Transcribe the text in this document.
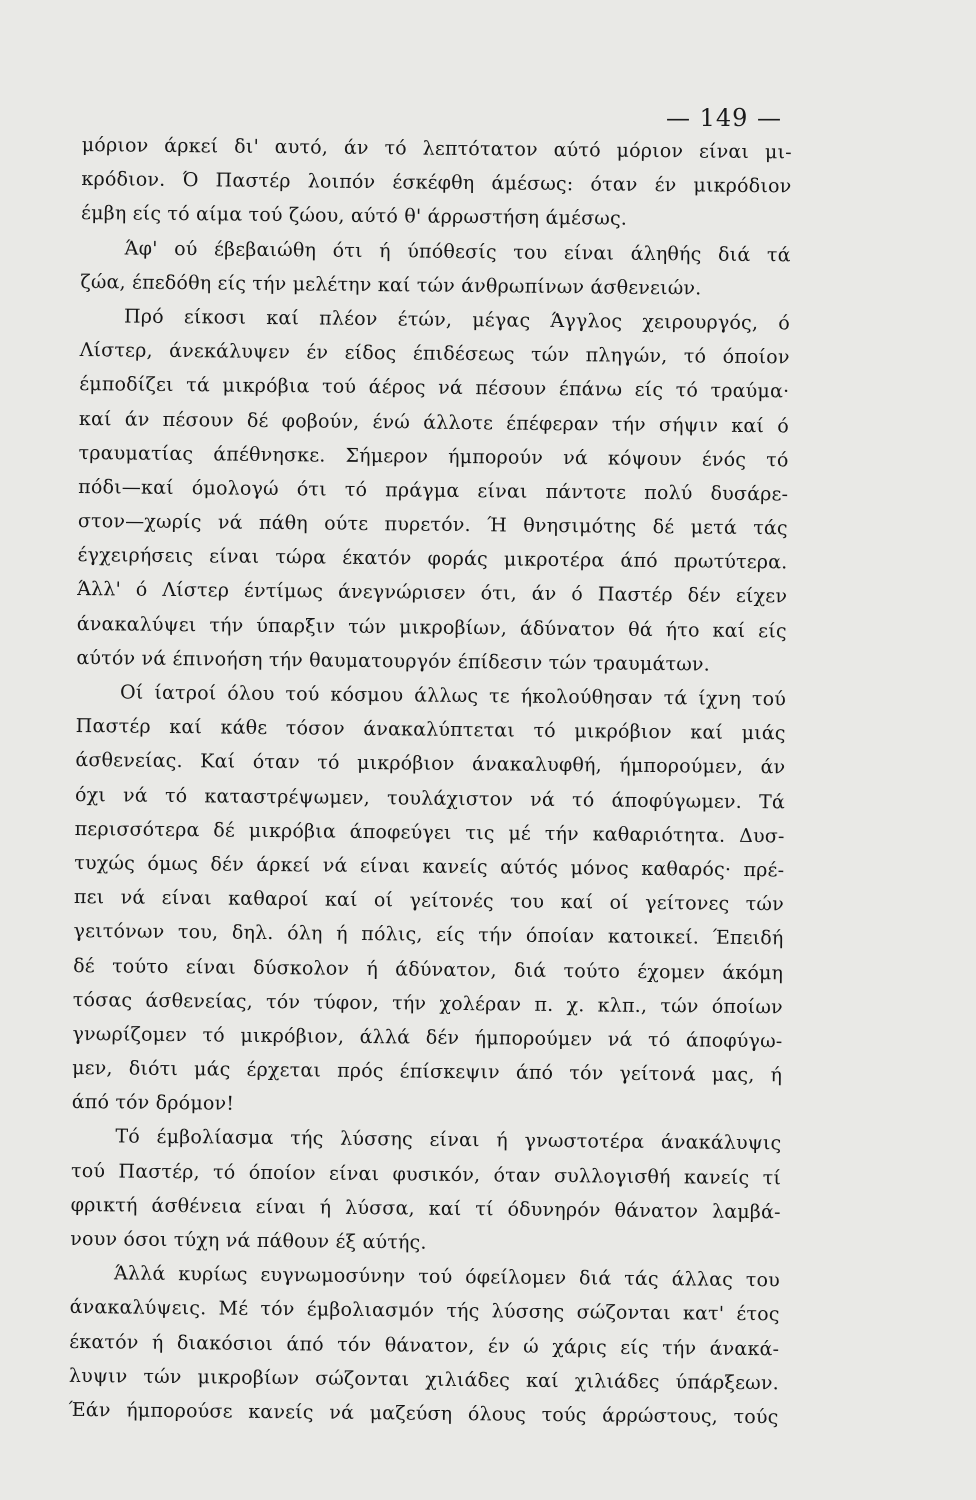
— 149 —
μόριον άρκεί δι' αυτό, άν τό λεπτότατον αύτό μόριον είναι μι-
κρόδιον. Ό Παστέρ λοιπόν έσκέφθη άμέσως: όταν έν μικρόδιον
έμβη είς τό αίμα τού ζώου, αύτό θ' άρρωστήση άμέσως.
Άφ' ού έβεβαιώθη ότι ή ύπόθεσίς του είναι άληθής διά τά
ζώα, έπεδόθη είς τήν μελέτην καί τών άνθρωπίνων άσθενειών.
Πρό είκοσι καί πλέον έτών, μέγας Άγγλος χειρουργός, ό
Λίστερ, άνεκάλυψεν έν είδος έπιδέσεως τών πληγών, τό όποίον
έμποδίζει τά μικρόβια τού άέρος νά πέσουν έπάνω είς τό τραύμα·
καί άν πέσουν δέ φοβούν, ένώ άλλοτε έπέφεραν τήν σήψιν καί ό
τραυματίας άπέθνησκε. Σήμερον ήμπορούν νά κόψουν ένός τό
πόδι—καί όμολογώ ότι τό πράγμα είναι πάντοτε πολύ δυσάρε-
στον—χωρίς νά πάθη ούτε πυρετόν. Ή θνησιμότης δέ μετά τάς
έγχειρήσεις είναι τώρα έκατόν φοράς μικροτέρα άπό πρωτύτερα.
Άλλ' ό Λίστερ έντίμως άνεγνώρισεν ότι, άν ό Παστέρ δέν είχεν
άνακαλύψει τήν ύπαρξιν τών μικροβίων, άδύνατον θά ήτο καί είς
αύτόν νά έπινοήση τήν θαυματουργόν έπίδεσιν τών τραυμάτων.
Οί ίατροί όλου τού κόσμου άλλως τε ήκολούθησαν τά ίχνη τού
Παστέρ καί κάθε τόσον άνακαλύπτεται τό μικρόβιον καί μιάς
άσθενείας. Καί όταν τό μικρόβιον άνακαλυφθή, ήμπορούμεν, άν
όχι νά τό καταστρέψωμεν, τουλάχιστον νά τό άποφύγωμεν. Τά
περισσότερα δέ μικρόβια άποφεύγει τις μέ τήν καθαριότητα. Δυσ-
τυχώς όμως δέν άρκεί νά είναι κανείς αύτός μόνος καθαρός· πρέ-
πει νά είναι καθαροί καί οί γείτονές του καί οί γείτονες τών
γειτόνων του, δηλ. όλη ή πόλις, είς τήν όποίαν κατοικεί. Έπειδή
δέ τούτο είναι δύσκολον ή άδύνατον, διά τούτο έχομεν άκόμη
τόσας άσθενείας, τόν τύφον, τήν χολέραν π. χ. κλπ., τών όποίων
γνωρίζομεν τό μικρόβιον, άλλά δέν ήμπορούμεν νά τό άποφύγω-
μεν, διότι μάς έρχεται πρός έπίσκεψιν άπό τόν γείτονά μας, ή
άπό τόν δρόμον!
Τό έμβολίασμα τής λύσσης είναι ή γνωστοτέρα άνακάλυψις
τού Παστέρ, τό όποίον είναι φυσικόν, όταν συλλογισθή κανείς τί
φρικτή άσθένεια είναι ή λύσσα, καί τί όδυνηρόν θάνατον λαμβά-
νουν όσοι τύχη νά πάθουν έξ αύτής.
Άλλά κυρίως ευγνωμοσύνην τού όφείλομεν διά τάς άλλας του
άνακαλύψεις. Μέ τόν έμβολιασμόν τής λύσσης σώζονται κατ' έτος
έκατόν ή διακόσιοι άπό τόν θάνατον, έν ώ χάρις είς τήν άνακά-
λυψιν τών μικροβίων σώζονται χιλιάδες καί χιλιάδες ύπάρξεων.
Έάν ήμπορούσε κανείς νά μαζεύση όλους τούς άρρώστους, τούς
